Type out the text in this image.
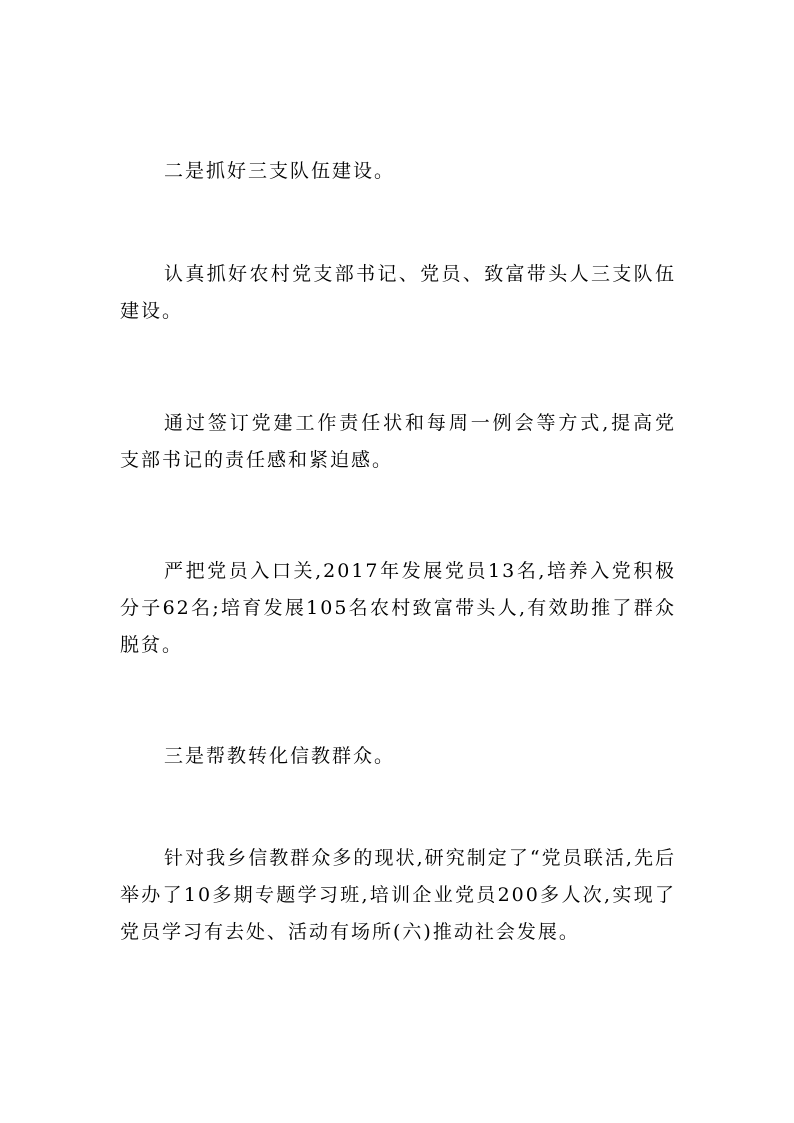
二是抓好三支队伍建设。

认真抓好农村党支部书记、党员、致富带头人三支队伍建设。

通过签订党建工作责任状和每周一例会等方式,提高党支部书记的责任感和紧迫感。

严把党员入口关,2017年发展党员13名,培养入党积极分子62名;培育发展105名农村致富带头人,有效助推了群众脱贫。

三是帮教转化信教群众。

针对我乡信教群众多的现状,研究制定了“党员联活,先后举办了10多期专题学习班,培训企业党员200多人次,实现了党员学习有去处、活动有场所(六)推动社会发展。
